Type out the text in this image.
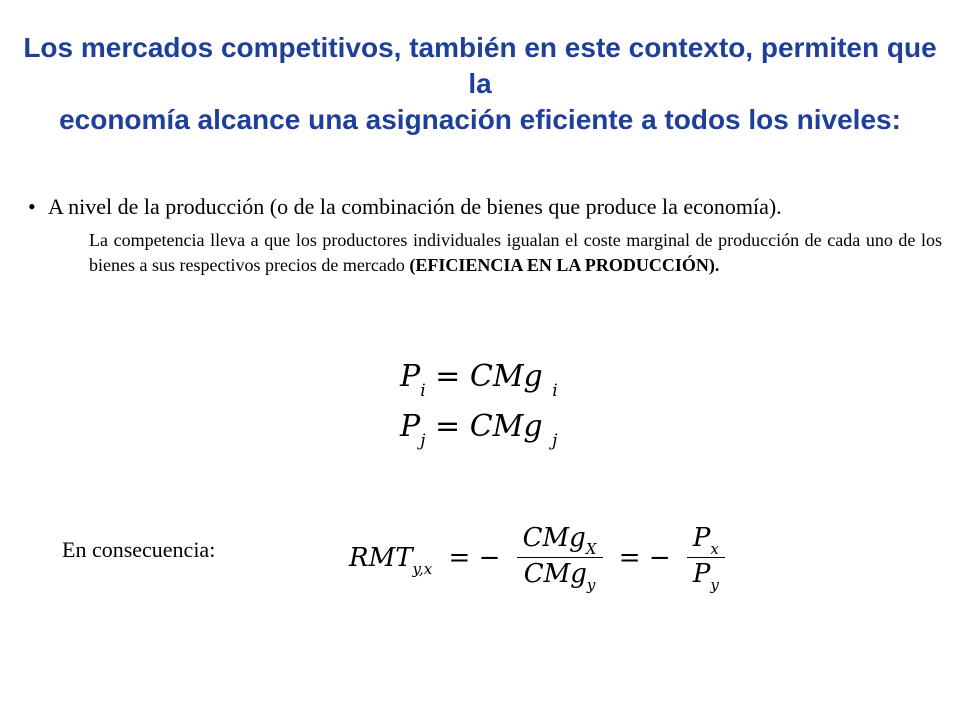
Los mercados competitivos, también en este contexto, permiten que la
economía alcance una asignación eficiente a todos los niveles:
• A nivel de la producción (o de la combinación de bienes que produce la economía).

La competencia lleva a que los productores individuales igualan el coste marginal de producción de cada uno de los bienes a sus respectivos precios de mercado (EFICIENCIA EN LA PRODUCCIÓN).

$P_i$ = CMg $_i$
$P_j$ = CMg $_j$
En consecuencia:	$RMT_{y,x}$ = − $\frac{CMg_X}{CMg_y}$ = − $\frac{P_x}{P_y}$
